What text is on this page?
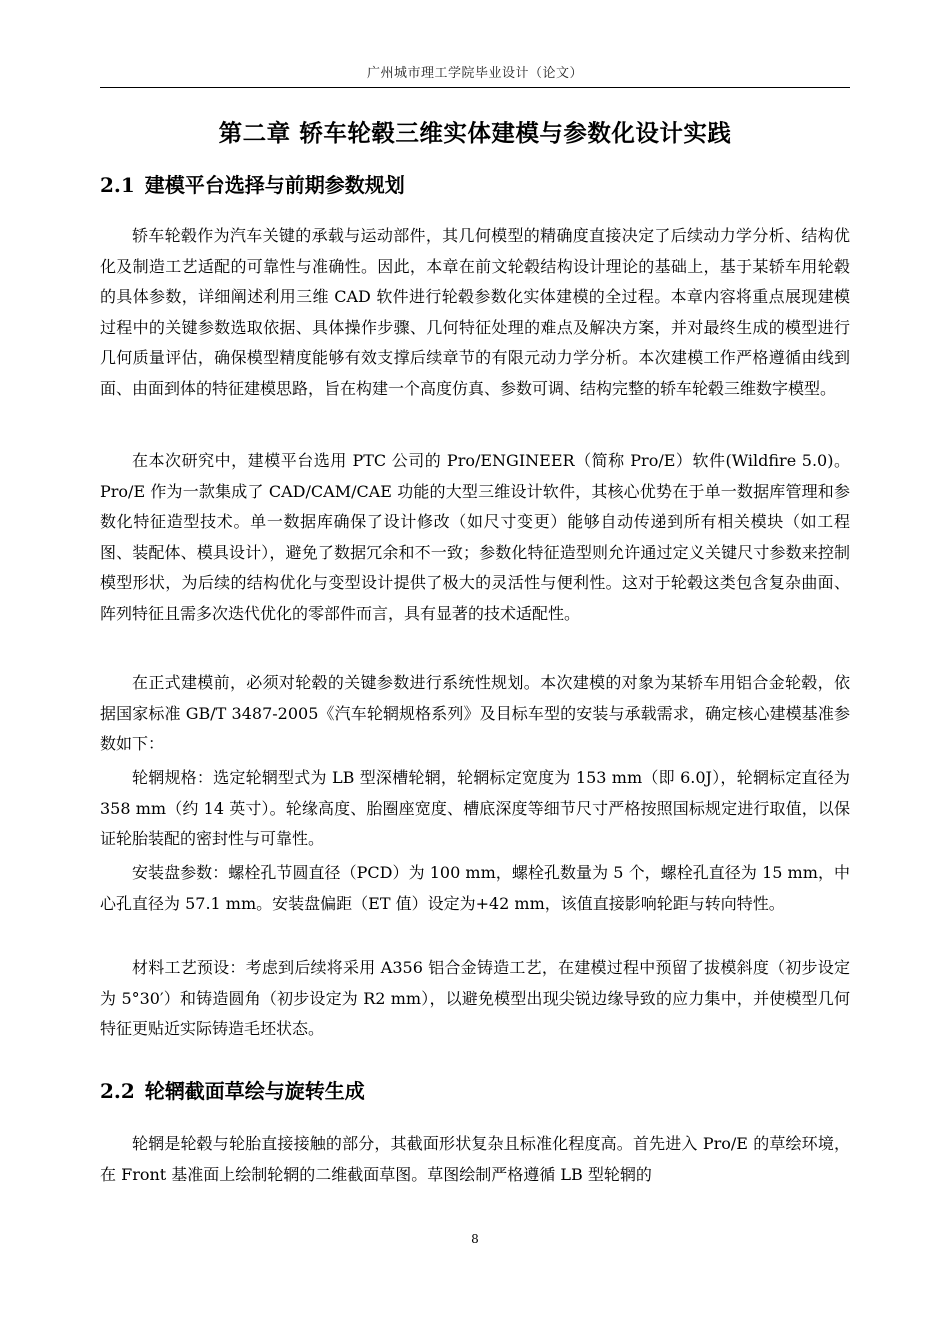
广州城市理工学院毕业设计（论文）
第二章 轿车轮毂三维实体建模与参数化设计实践
2.1 建模平台选择与前期参数规划

轿车轮毂作为汽车关键的承载与运动部件，其几何模型的精确度直接决定了后续动力学分析、结构优化及制造工艺适配的可靠性与准确性。因此，本章在前文轮毂结构设计理论的基础上，基于某轿车用轮毂的具体参数，详细阐述利用三维 CAD 软件进行轮毂参数化实体建模的全过程。本章内容将重点展现建模过程中的关键参数选取依据、具体操作步骤、几何特征处理的难点及解决方案，并对最终生成的模型进行几何质量评估，确保模型精度能够有效支撑后续章节的有限元动力学分析。本次建模工作严格遵循由线到面、由面到体的特征建模思路，旨在构建一个高度仿真、参数可调、结构完整的轿车轮毂三维数字模型。

在本次研究中，建模平台选用 PTC 公司的 Pro/ENGINEER（简称 Pro/E）软件(Wildfire 5.0)。Pro/E 作为一款集成了 CAD/CAM/CAE 功能的大型三维设计软件，其核心优势在于单一数据库管理和参数化特征造型技术。单一数据库确保了设计修改（如尺寸变更）能够自动传递到所有相关模块（如工程图、装配体、模具设计），避免了数据冗余和不一致；参数化特征造型则允许通过定义关键尺寸参数来控制模型形状，为后续的结构优化与变型设计提供了极大的灵活性与便利性。这对于轮毂这类包含复杂曲面、阵列特征且需多次迭代优化的零部件而言，具有显著的技术适配性。

在正式建模前，必须对轮毂的关键参数进行系统性规划。本次建模的对象为某轿车用铝合金轮毂，依据国家标准 GB/T 3487-2005《汽车轮辋规格系列》及目标车型的安装与承载需求，确定核心建模基准参数如下：

轮辋规格：选定轮辋型式为 LB 型深槽轮辋，轮辋标定宽度为 153 mm（即 6.0J），轮辋标定直径为 358 mm（约 14 英寸）。轮缘高度、胎圈座宽度、槽底深度等细节尺寸严格按照国标规定进行取值，以保证轮胎装配的密封性与可靠性。

安装盘参数：螺栓孔节圆直径（PCD）为 100 mm，螺栓孔数量为 5 个，螺栓孔直径为 15 mm，中心孔直径为 57.1 mm。安装盘偏距（ET 值）设定为+42 mm，该值直接影响轮距与转向特性。

材料工艺预设：考虑到后续将采用 A356 铝合金铸造工艺，在建模过程中预留了拔模斜度（初步设定为 5°30′）和铸造圆角（初步设定为 R2 mm），以避免模型出现尖锐边缘导致的应力集中，并使模型几何特征更贴近实际铸造毛坯状态。

2.2 轮辋截面草绘与旋转生成

轮辋是轮毂与轮胎直接接触的部分，其截面形状复杂且标准化程度高。首先进入 Pro/E 的草绘环境，在 Front 基准面上绘制轮辋的二维截面草图。草图绘制严格遵循 LB 型轮辋的

8
